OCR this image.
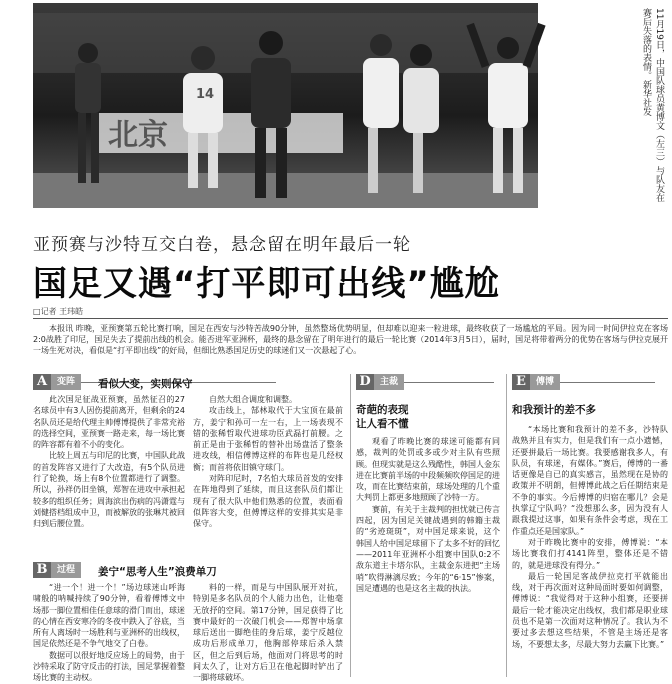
北京
14	11月19日，中国队球员黄博文（左三）与队友在赛后失落的表情。新华社发
亚预赛与沙特互交白卷，悬念留在明年最后一轮
国足又遇“打平即可出线”尴尬
□记者 王玮皓
本报讯 昨晚，亚预赛第五轮比赛打响，国足在西安与沙特苦战90分钟，虽然整场优势明显，但却难以迎来一粒进球，最终收获了一场尴尬的平局。因为同一时间伊拉克在客场2:0战胜了印尼，国足失去了提前出线的机会。能否进军亚洲杯，最终的悬念留在了明年进行的最后一轮比赛（2014年3月5日），届时，国足将带着两分的优势在客场与伊拉克展开一场生死对决，看似是“打平即出线”的好局，但细比熟悉国足历史的球迷们又一次悬起了心。
A	变阵	看似大变，实则保守

此次国足征战亚预赛，虽然征召的27名球员中有3人因伤提前离开，但剩余的24名队员还是给代理主帅傅博提供了非常充裕的选择空间，亚预赛一路走来，每一场比赛的阵容都有着不小的变化。

比较上周五与印尼的比赛，中国队此战的首发阵容又进行了大改造，有5个队员进行了轮换，场上有8个位置都进行了调整。所以，孙祥仍旧坐镇，郑智在进攻中承担起较多的组织任务；周海滨出伤病的冯潇霆与刘健搭档组成中卫，而被解放的张琳芃被回归到后腰位置。

自然大组合调度和调整。

攻击线上，郜林取代于大宝顶在最前方，姜宁和孙可一左一右，上一场表现不错的张稀哲取代进球功臣武磊打前腰。之前正是由于张稀哲的替补出场盘活了整条进攻线，相信傅博这样的布阵也是几经权衡；而首将依旧镇守球门。

对阵印尼时，7名怕大球员首发的安排在阵地得到了延续，而且这套队员们都让现有了很大队中他们熟悉的位置，表面看似阵容大变，但傅博这样的安排其实是非保守。

B	过程	姜宁“思考人生”浪费单刀

“进一个！进一个！”场边球迷山呼海啸般的呐喊持续了90分钟，看着傅博文中场那一脚位置相佳任意球的滑门而出，球迷的心情在西安寒冷的冬夜中跌入了谷底，当所有人离场时一场胜利与亚洲杯的出线权，国足依然还是不争气地交了白卷。

数据可以很好地反应场上的局势，由于沙特采取了防守反击的打法，国足掌握着整场比赛的主动权。

料的一样，而是与中国队展开对抗，特别是多名队员的个人能力出色，让他毫无放抒的空间。第17分钟，国足获得了比赛中最好的一次破门机会——郑智中场拿球后送出一脚绝佳的身后球，姜宁反越位成功后形成单刀，他胸部停球后杀入禁区，但之后到后场，他面对门将思考的时间太久了，让对方后卫在他起脚时铲出了一脚将球破坏。

D	主裁
奇葩的表现
让人看不懂

观看了昨晚比赛的球迷可能都有同感，裁判的处罚或多或少对主队有些照顾。但现实就是这么残酷性，韩国人金东进在比赛前半场的中段频频吹停国足的进攻，而在比赛结束前，球场处理的几个重大判罚上都更多地照顾了沙特一方。

赛前，有关于主裁判的担忧就已传言四起，因为国足关键战遇到的韩籍主裁的“劣迹斑斑”，对中国足球来说，这个韩国人给中国足球留下了太多不好的回忆——2011年亚洲杯小组赛中国队0:2不敌东道主卡塔尔队，主裁金东进把“主场哨”吹得淋漓尽致；今年的“6·15”惨案，国足遭遇的也是这名主裁的执法。

E	傅博
和我预计的差不多

“本场比赛和我预计的差不多，沙特队战熟并且有实力，但是我们有一点小遗憾，还要拼最后一场比赛。我要感谢我多人，有队员，有球迷，有媒体。”赛后，傅博的一番话更像是自已的真实感言，虽然现在是协的政策并不明朗，但傅博此战之后任期结束是不争的事实。今后傅博的归宿在哪儿？会是执掌辽宁队吗？“没想那么多，因为没有人跟我提过这事，如果有条件会考虑，现在工作重点还是国家队。”

对于昨晚比赛中的安排，傅博说：“本场比赛我们打4141阵型，整体还是不错的，就是进球没有得分。”

最后一轮国足客战伊拉克打平就能出线，对于再次面对这种局面时要如何调整，傅博说：“我觉得对于这种小组赛，还要拼最后一轮才能决定出线权，我们都是职业球员也不是第一次面对这种情况了。我认为不要过多去想这些结果，不管是主场还是客场，不要想太多，尽最大努力去赢下比赛。”
